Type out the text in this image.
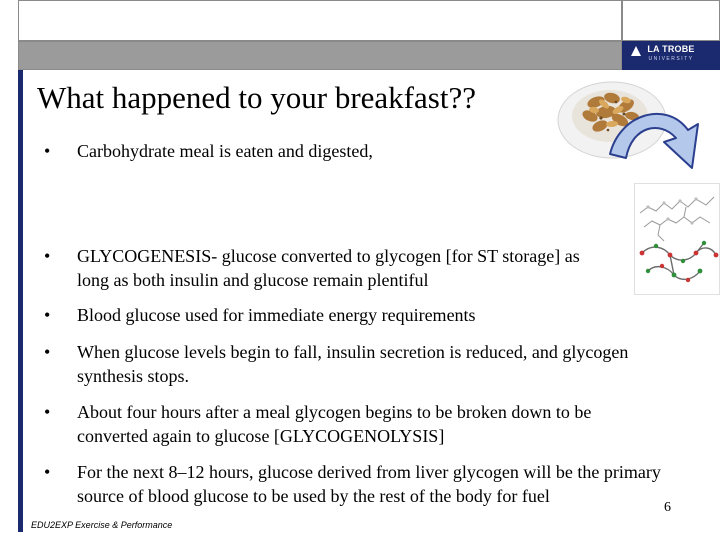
LA TROBE
UNIVERSITY
What happened to your breakfast??
• Carbohydrate meal is eaten and digested,
• GLYCOGENESIS- glucose converted to glycogen [for ST storage] as long as both insulin and glucose remain plentiful
• Blood glucose used for immediate energy requirements
• When glucose levels begin to fall, insulin secretion is reduced, and glycogen synthesis stops.
• About four hours after a meal glycogen begins to be broken down to be converted again to glucose [GLYCOGENOLYSIS]
• For the next 8–12 hours, glucose derived from liver glycogen will be the primary source of blood glucose to be used by the rest of the body for fuel
6
EDU2EXP Exercise & Performance
